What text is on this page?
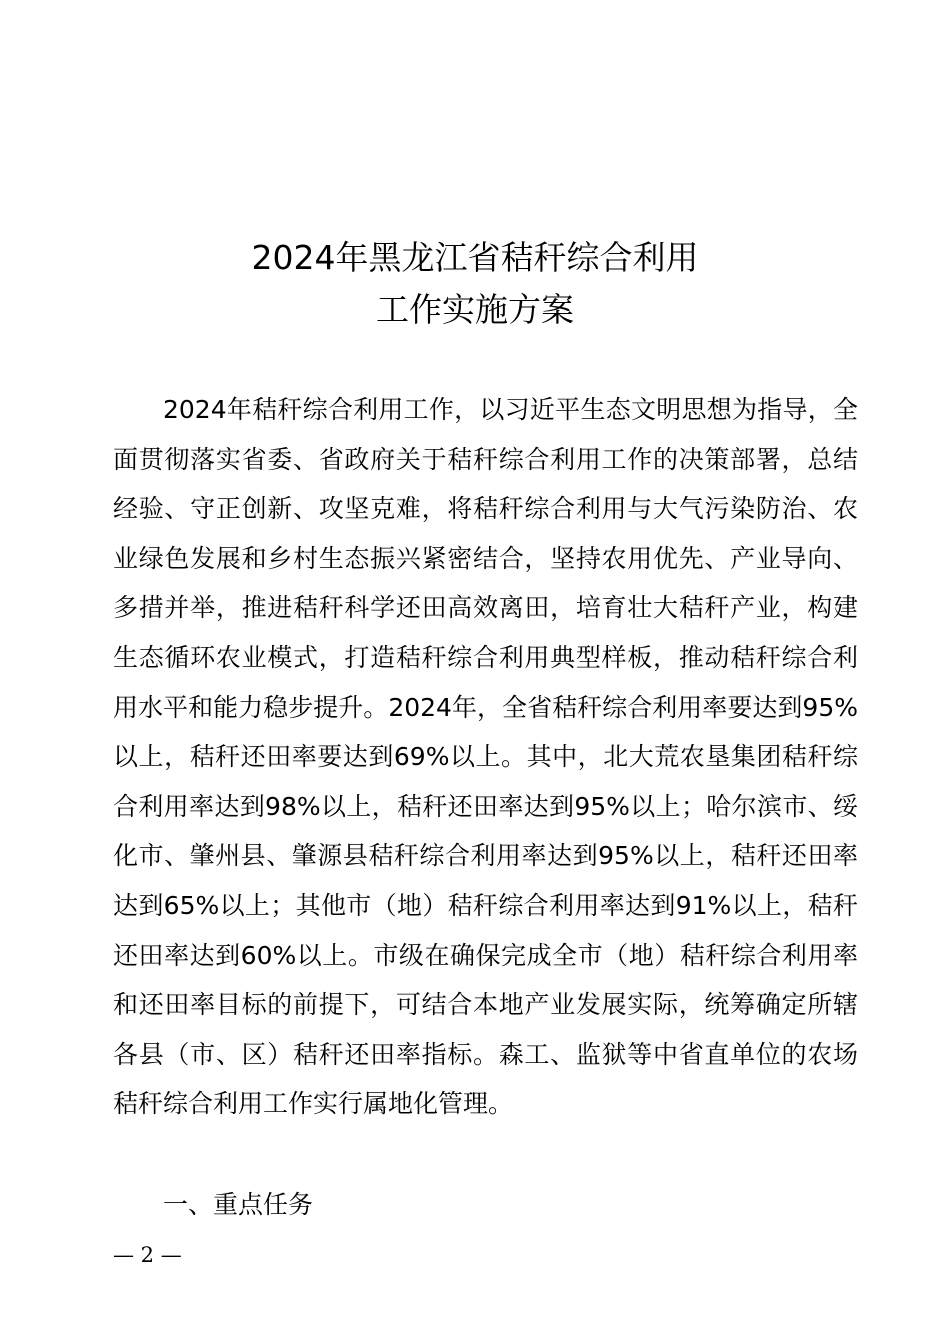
2024年黑龙江省秸秆综合利用
工作实施方案

2024年秸秆综合利用工作，以习近平生态文明思想为指导，全面贯彻落实省委、省政府关于秸秆综合利用工作的决策部署，总结经验、守正创新、攻坚克难，将秸秆综合利用与大气污染防治、农业绿色发展和乡村生态振兴紧密结合，坚持农用优先、产业导向、多措并举，推进秸秆科学还田高效离田，培育壮大秸秆产业，构建生态循环农业模式，打造秸秆综合利用典型样板，推动秸秆综合利用水平和能力稳步提升。2024年，全省秸秆综合利用率要达到95%以上，秸秆还田率要达到69%以上。其中，北大荒农垦集团秸秆综合利用率达到98%以上，秸秆还田率达到95%以上；哈尔滨市、绥化市、肇州县、肇源县秸秆综合利用率达到95%以上，秸秆还田率达到65%以上；其他市（地）秸秆综合利用率达到91%以上，秸秆还田率达到60%以上。市级在确保完成全市（地）秸秆综合利用率和还田率目标的前提下，可结合本地产业发展实际，统筹确定所辖各县（市、区）秸秆还田率指标。森工、监狱等中省直单位的农场秸秆综合利用工作实行属地化管理。

一、重点任务

— 2 —
